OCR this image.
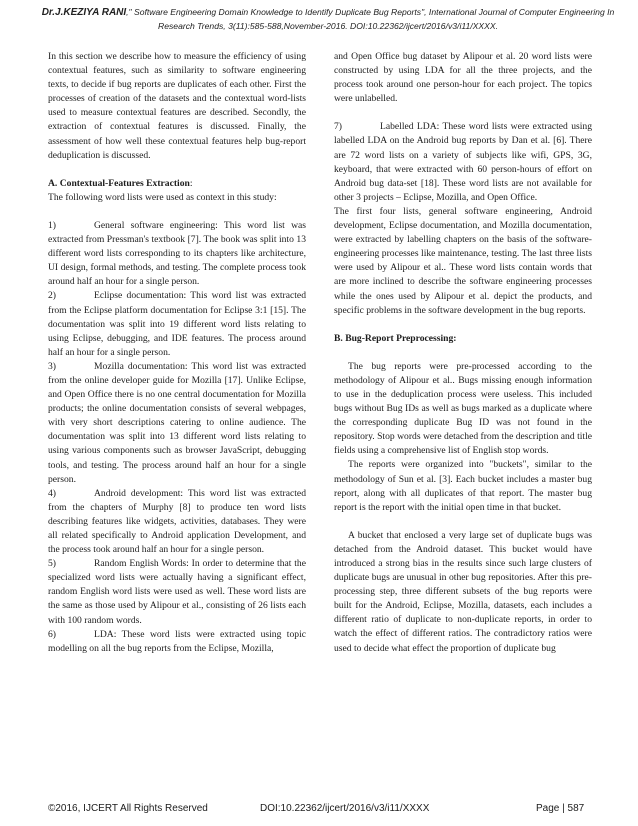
Dr.J.KEZIYA RANI," Software Engineering Domain Knowledge to Identify Duplicate Bug Reports", International Journal of Computer Engineering In Research Trends, 3(11):585-588,November-2016. DOI:10.22362/ijcert/2016/v3/i11/XXXX.

In this section we describe how to measure the efficiency of using contextual features, such as similarity to software engineering texts, to decide if bug reports are duplicates of each other. First the processes of creation of the datasets and the contextual word-lists used to measure contextual features are described. Secondly, the extraction of contextual features is discussed. Finally, the assessment of how well these contextual features help bug-report deduplication is discussed.

A. Contextual-Features Extraction:

The following word lists were used as context in this study:

1)	General software engineering: This word list was extracted from Pressman's textbook [7]. The book was split into 13 different word lists corresponding to its chapters like architecture, UI design, formal methods, and testing. The complete process took around half an hour for a single person.

2)	Eclipse documentation: This word list was extracted from the Eclipse platform documentation for Eclipse 3:1 [15]. The documentation was split into 19 different word lists relating to using Eclipse, debugging, and IDE features. The process around half an hour for a single person.

3)	Mozilla documentation: This word list was extracted from the online developer guide for Mozilla [17]. Unlike Eclipse, and Open Office there is no one central documentation for Mozilla products; the online documentation consists of several webpages, with very short descriptions catering to online audience. The documentation was split into 13 different word lists relating to using various components such as browser JavaScript, debugging tools, and testing. The process around half an hour for a single person.

4)	Android development: This word list was extracted from the chapters of Murphy [8] to produce ten word lists describing features like widgets, activities, databases. They were all related specifically to Android application Development, and the process took around half an hour for a single person.

5)	Random English Words: In order to determine that the specialized word lists were actually having a significant effect, random English word lists were used as well. These word lists are the same as those used by Alipour et al., consisting of 26 lists each with 100 random words.

6)	LDA: These word lists were extracted using topic modelling on all the bug reports from the Eclipse, Mozilla,

and Open Office bug dataset by Alipour et al. 20 word lists were constructed by using LDA for all the three projects, and the process took around one person-hour for each project. The topics were unlabelled.

7)	Labelled LDA: These word lists were extracted using labelled LDA on the Android bug reports by Dan et al. [6]. There are 72 word lists on a variety of subjects like wifi, GPS, 3G, keyboard, that were extracted with 60 person-hours of effort on Android bug data-set [18]. These word lists are not available for other 3 projects – Eclipse, Mozilla, and Open Office.

The first four lists, general software engineering, Android development, Eclipse documentation, and Mozilla documentation, were extracted by labelling chapters on the basis of the software-engineering processes like maintenance, testing. The last three lists were used by Alipour et al.. These word lists contain words that are more inclined to describe the software engineering processes while the ones used by Alipour et al. depict the products, and specific problems in the software development in the bug reports.

B. Bug-Report Preprocessing:

The bug reports were pre-processed according to the methodology of Alipour et al.. Bugs missing enough information to use in the deduplication process were useless. This included bugs without Bug IDs as well as bugs marked as a duplicate where the corresponding duplicate Bug ID was not found in the repository. Stop words were detached from the description and title fields using a comprehensive list of English stop words.

The reports were organized into "buckets", similar to the methodology of Sun et al. [3]. Each bucket includes a master bug report, along with all duplicates of that report. The master bug report is the report with the initial open time in that bucket.

A bucket that enclosed a very large set of duplicate bugs was detached from the Android dataset. This bucket would have introduced a strong bias in the results since such large clusters of duplicate bugs are unusual in other bug repositories. After this pre-processing step, three different subsets of the bug reports were built for the Android, Eclipse, Mozilla, datasets, each includes a different ratio of duplicate to non-duplicate reports, in order to watch the effect of different ratios. The contradictory ratios were used to decide what effect the proportion of duplicate bug

©2016, IJCERT All Rights Reserved	DOI:10.22362/ijcert/2016/v3/i11/XXXX	Page | 587
